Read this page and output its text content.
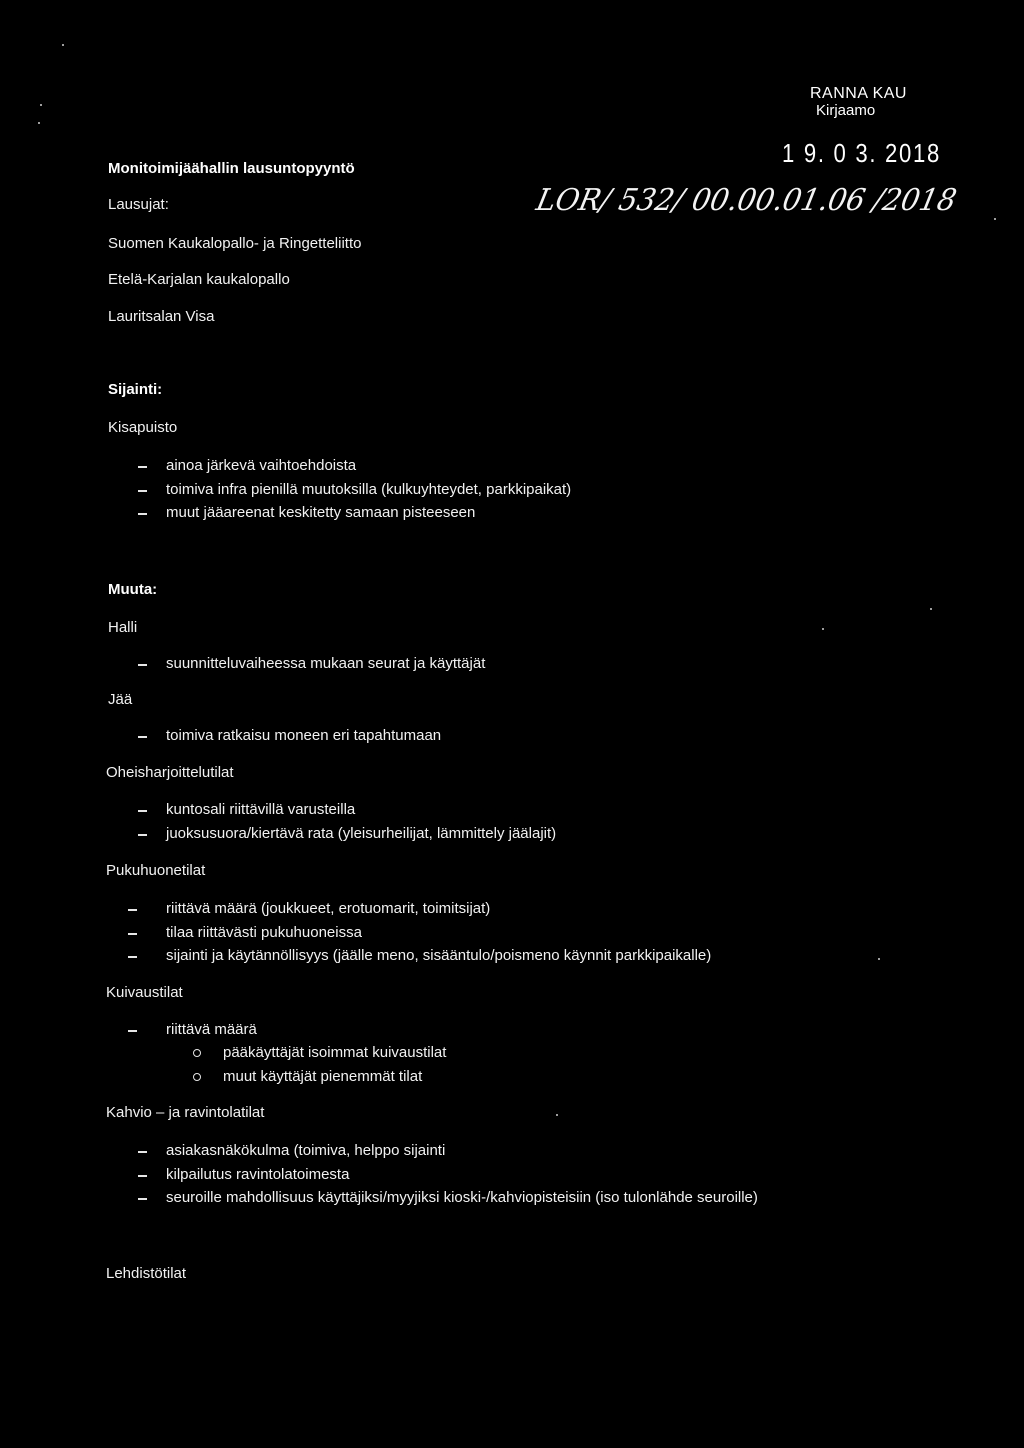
RANNA KAU
Kirjaamo
1 9. 0 3. 2018
LOR/ 532/ 00.00.01.06 /2018
Monitoimijäähallin lausuntopyyntö
Lausujat:
Suomen Kaukalopallo- ja Ringetteliitto
Etelä-Karjalan kaukalopallo
Lauritsalan Visa
Sijainti:
Kisapuisto
ainoa järkevä vaihtoehdoista
toimiva infra pienillä muutoksilla (kulkuyhteydet, parkkipaikat)
muut jääareenat keskitetty samaan pisteeseen
Muuta:
Halli
suunnitteluvaiheessa mukaan seurat ja käyttäjät
Jää
toimiva ratkaisu moneen eri tapahtumaan
Oheisharjoittelutilat
kuntosali riittävillä varusteilla
juoksusuora/kiertävä rata (yleisurheilijat, lämmittely jäälajit)
Pukuhuonetilat
riittävä määrä (joukkueet, erotuomarit, toimitsijat)
tilaa riittävästi pukuhuoneissa
sijainti ja käytännöllisyys (jäälle meno, sisääntulo/poismeno käynnit parkkipaikalle)
Kuivaustilat
riittävä määrä
pääkäyttäjät isoimmat kuivaustilat
muut käyttäjät pienemmät tilat
Kahvio – ja ravintolatilat
asiakasnäkökulma (toimiva, helppo sijainti
kilpailutus ravintolatoimesta
seuroille mahdollisuus käyttäjiksi/myyjiksi kioski-/kahviopisteisiin (iso tulonlähde seuroille)
Lehdistötilat
